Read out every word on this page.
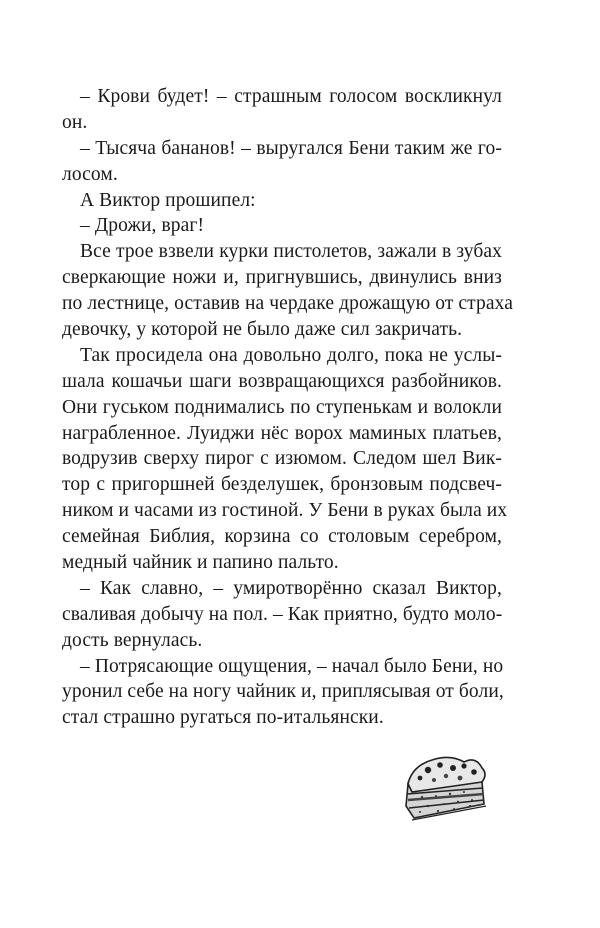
– Крови будет! – страшным голосом воскликнул
он.
– Тысяча бананов! – выругался Бени таким же го-
лосом.
А Виктор прошипел:
– Дрожи, враг!
Все трое взвели курки пистолетов, зажали в зубах
сверкающие ножи и, пригнувшись, двинулись вниз
по лестнице, оставив на чердаке дрожащую от страха
девочку, у которой не было даже сил закричать.
Так просидела она довольно долго, пока не услы-
шала кошачьи шаги возвращающихся разбойников.
Они гуськом поднимались по ступенькам и волокли
награбленное. Луиджи нёс ворох маминых платьев,
водрузив сверху пирог с изюмом. Следом шел Вик-
тор с пригоршней безделушек, бронзовым подсвеч-
ником и часами из гостиной. У Бени в руках была их
семейная Библия, корзина со столовым серебром,
медный чайник и папино пальто.
– Как славно, – умиротворённо сказал Виктор,
сваливая добычу на пол. – Как приятно, будто моло-
дость вернулась.
– Потрясающие ощущения, – начал было Бени, но
уронил себе на ногу чайник и, приплясывая от боли,
стал страшно ругаться по-итальянски.
